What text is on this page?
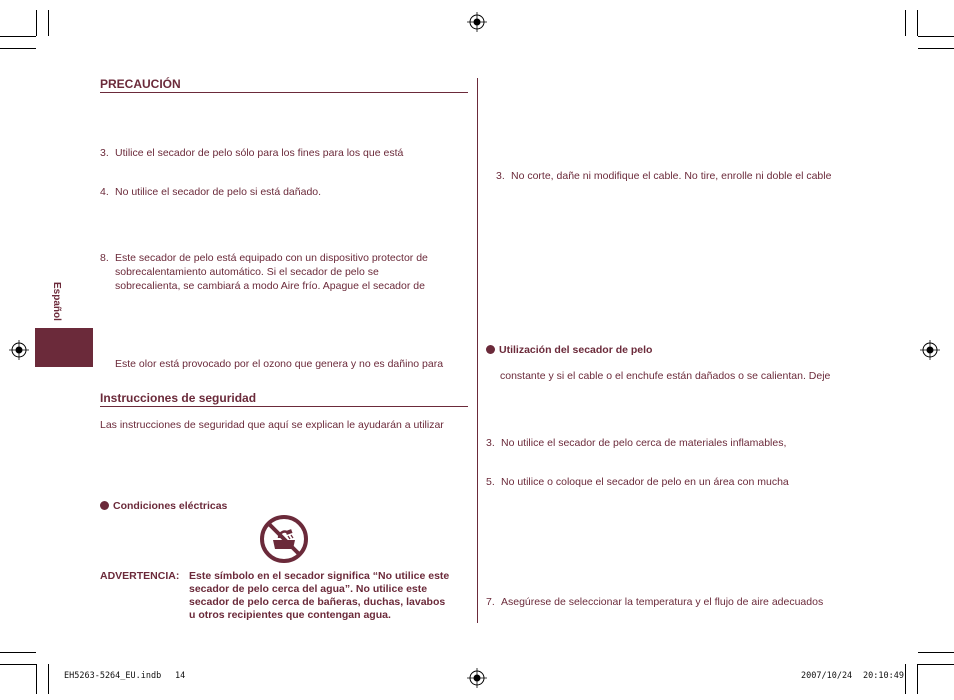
Español
PRECAUCIÓN
3. Utilice el secador de pelo sólo para los fines para los que está
4. No utilice el secador de pelo si está dañado.
8. Este secador de pelo está equipado con un dispositivo protector de
sobrecalentamiento automático. Si el secador de pelo se
sobrecalienta, se cambiará a modo Aire frío. Apague el secador de
Este olor está provocado por el ozono que genera y no es dañino para
Instrucciones de seguridad
Las instrucciones de seguridad que aquí se explican le ayudarán a utilizar
Condiciones eléctricas
ADVERTENCIA: Este símbolo en el secador significa “No utilice este
secador de pelo cerca del agua”. No utilice este
secador de pelo cerca de bañeras, duchas, lavabos
u otros recipientes que contengan agua.
3. No corte, dañe ni modifique el cable. No tire, enrolle ni doble el cable
Utilización del secador de pelo
constante y si el cable o el enchufe están dañados o se calientan. Deje
3. No utilice el secador de pelo cerca de materiales inflamables,
5. No utilice o coloque el secador de pelo en un área con mucha
7. Asegúrese de seleccionar la temperatura y el flujo de aire adecuados
EH5263-5264_EU.indb 14	2007/10/24 20:10:49
